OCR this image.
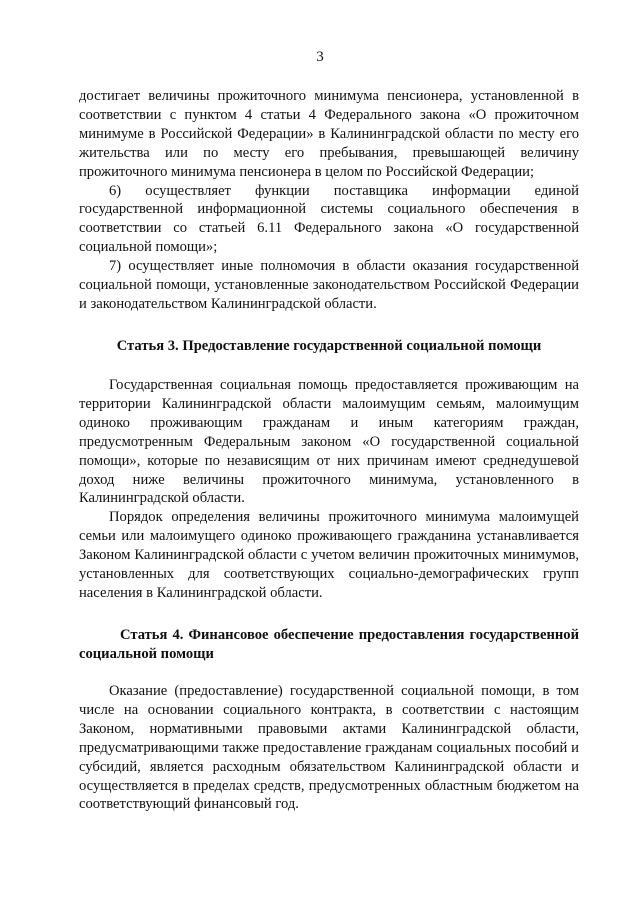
3

достигает величины прожиточного минимума пенсионера, установленной в соответствии с пунктом 4 статьи 4 Федерального закона «О прожиточном минимуме в Российской Федерации» в Калининградской области по месту его жительства или по месту его пребывания, превышающей величину прожиточного минимума пенсионера в целом по Российской Федерации;

6) осуществляет функции поставщика информации единой государственной информационной системы социального обеспечения в соответствии со статьей 6.11 Федерального закона «О государственной социальной помощи»;

7) осуществляет иные полномочия в области оказания государственной социальной помощи, установленные законодательством Российской Федерации и законодательством Калининградской области.

Статья 3. Предоставление государственной социальной помощи

Государственная социальная помощь предоставляется проживающим на территории Калининградской области малоимущим семьям, малоимущим одиноко проживающим гражданам и иным категориям граждан, предусмотренным Федеральным законом «О государственной социальной помощи», которые по независящим от них причинам имеют среднедушевой доход ниже величины прожиточного минимума, установленного в Калининградской области.

Порядок определения величины прожиточного минимума малоимущей семьи или малоимущего одиноко проживающего гражданина устанавливается Законом Калининградской области с учетом величин прожиточных минимумов, установленных для соответствующих социально-демографических групп населения в Калининградской области.

Статья 4. Финансовое обеспечение предоставления государственной социальной помощи

Оказание (предоставление) государственной социальной помощи, в том числе на основании социального контракта, в соответствии с настоящим Законом, нормативными правовыми актами Калининградской области, предусматривающими также предоставление гражданам социальных пособий и субсидий, является расходным обязательством Калининградской области и осуществляется в пределах средств, предусмотренных областным бюджетом на соответствующий финансовый год.
